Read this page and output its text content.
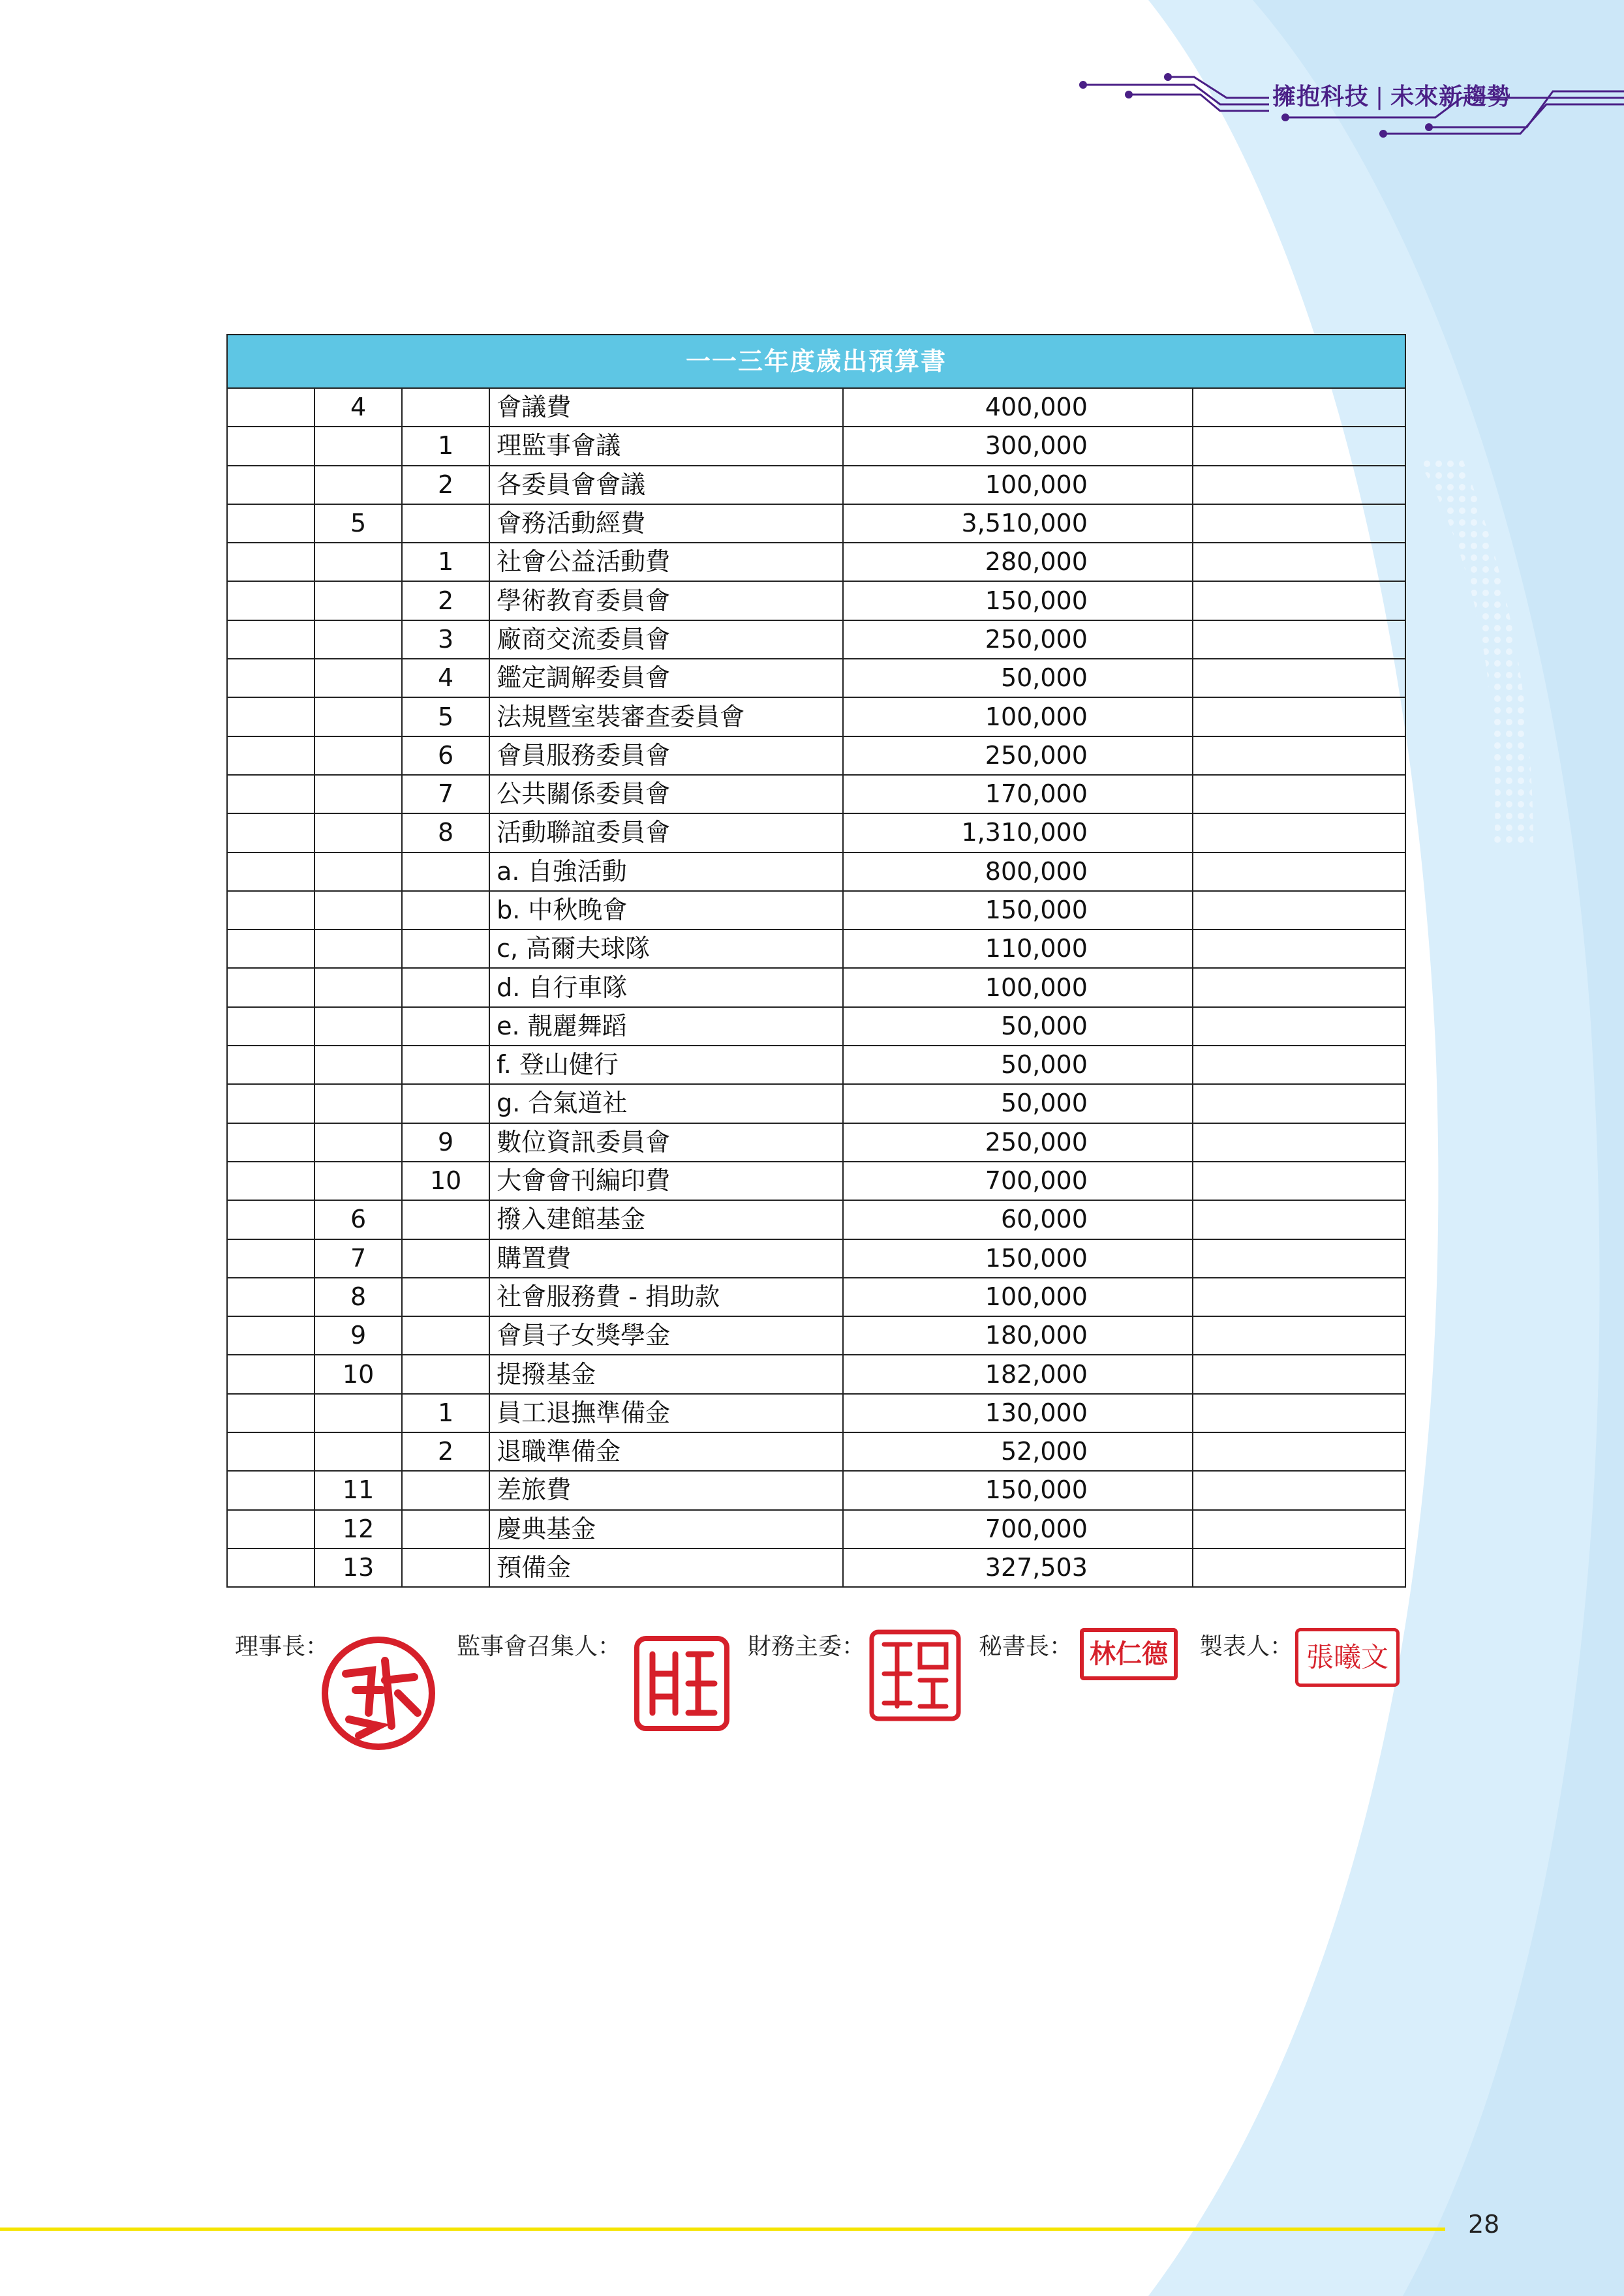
擁抱科技 | 未來新趨勢
一一三年度歲出預算書					
	4		會議費	400,000	
		1	理監事會議	300,000	
		2	各委員會會議	100,000	
	5		會務活動經費	3,510,000	
		1	社會公益活動費	280,000	
		2	學術教育委員會	150,000	
		3	廠商交流委員會	250,000	
		4	鑑定調解委員會	50,000	
		5	法規暨室裝審查委員會	100,000	
		6	會員服務委員會	250,000	
		7	公共關係委員會	170,000	
		8	活動聯誼委員會	1,310,000	
			a. 自強活動	800,000	
			b. 中秋晚會	150,000	
			c, 高爾夫球隊	110,000	
			d. 自行車隊	100,000	
			e. 靚麗舞蹈	50,000	
			f. 登山健行	50,000	
			g. 合氣道社	50,000	
		9	數位資訊委員會	250,000	
		10	大會會刊編印費	700,000	
	6		撥入建館基金	60,000	
	7		購置費	150,000	
	8		社會服務費 - 捐助款	100,000	
	9		會員子女獎學金	180,000	
	10		提撥基金	182,000	
		1	員工退撫準備金	130,000	
		2	退職準備金	52,000	
	11		差旅費	150,000	
	12		慶典基金	700,000	
	13		預備金	327,503	
理事長：	監事會召集人：	財務主委：	秘書長： 林仁德	製表人： 張曦文
28
